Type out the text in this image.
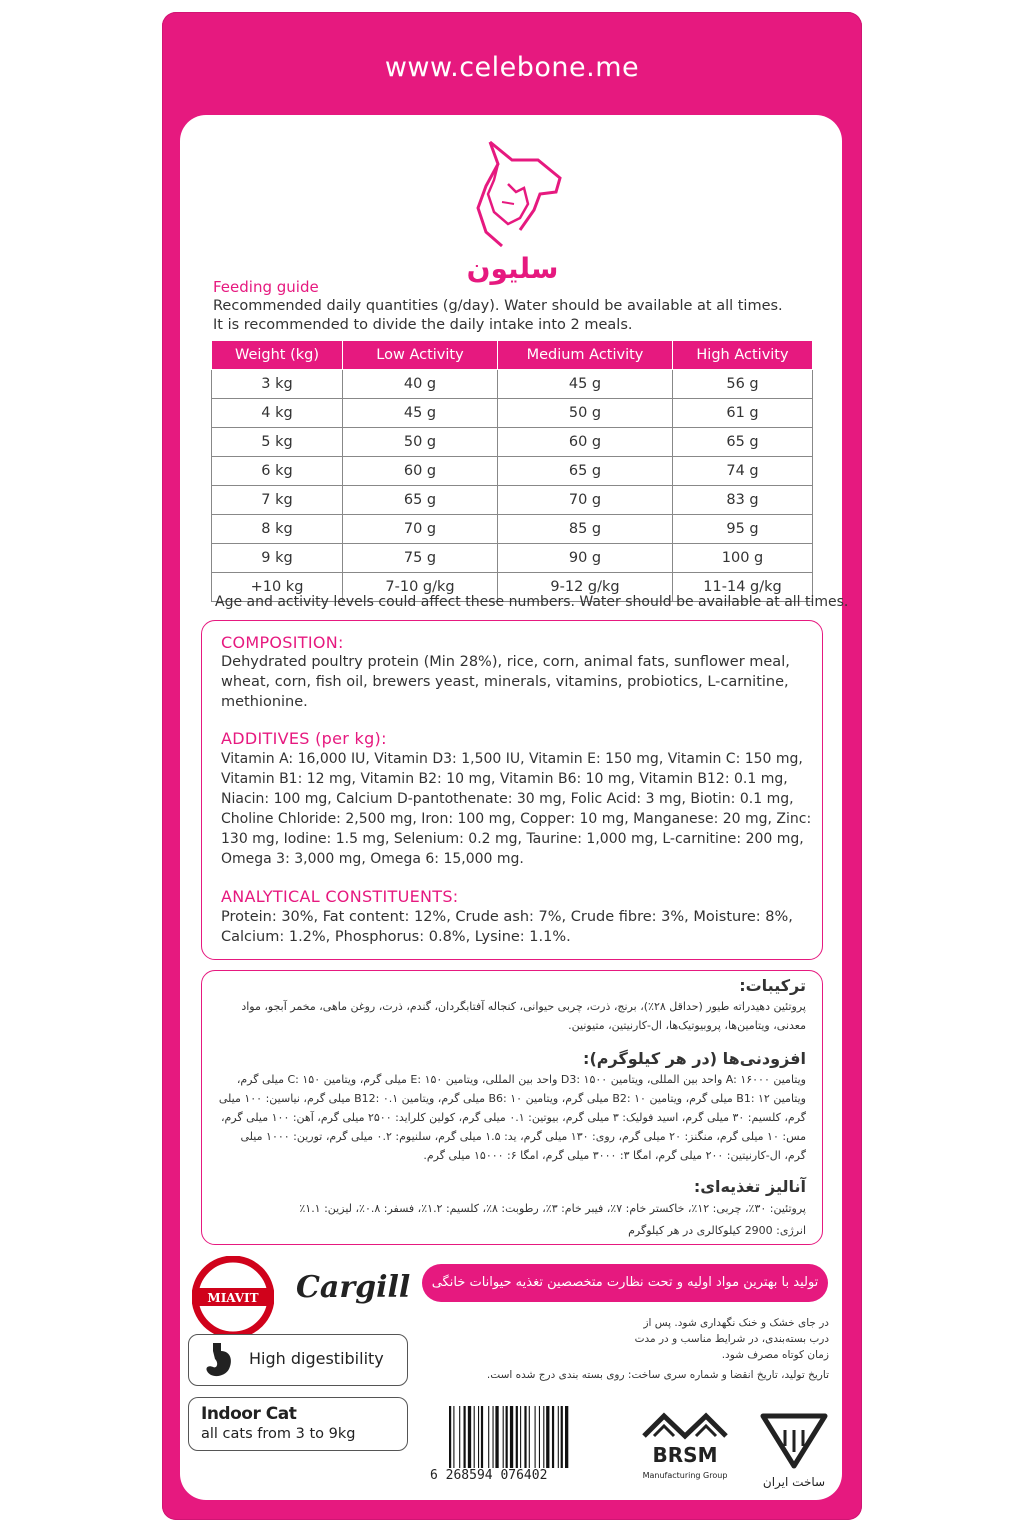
www.celebone.me
سلیون
Feeding guide
Recommended daily quantities (g/day). Water should be available at all times.
It is recommended to divide the daily intake into 2 meals.
Weight (kg)	Low Activity	Medium Activity	High Activity
3 kg	40 g	45 g	56 g
4 kg	45 g	50 g	61 g
5 kg	50 g	60 g	65 g
6 kg	60 g	65 g	74 g
7 kg	65 g	70 g	83 g
8 kg	70 g	85 g	95 g
9 kg	75 g	90 g	100 g
+10 kg	7-10 g/kg	9-12 g/kg	11-14 g/kg
Age and activity levels could affect these numbers. Water should be available at all times.
COMPOSITION:

Dehydrated poultry protein (Min 28%), rice, corn, animal fats, sunflower meal, wheat, corn, fish oil, brewers yeast, minerals, vitamins, probiotics, L-carnitine, methionine.

ADDITIVES (per kg):

Vitamin A: 16,000 IU, Vitamin D3: 1,500 IU, Vitamin E: 150 mg, Vitamin C: 150 mg, Vitamin B1: 12 mg, Vitamin B2: 10 mg, Vitamin B6: 10 mg, Vitamin B12: 0.1 mg, Niacin: 100 mg, Calcium D-pantothenate: 30 mg, Folic Acid: 3 mg, Biotin: 0.1 mg, Choline Chloride: 2,500 mg, Iron: 100 mg, Copper: 10 mg, Manganese: 20 mg, Zinc: 130 mg, Iodine: 1.5 mg, Selenium: 0.2 mg, Taurine: 1,000 mg, L-carnitine: 200 mg, Omega 3: 3,000 mg, Omega 6: 15,000 mg.

ANALYTICAL CONSTITUENTS:

Protein: 30%, Fat content: 12%, Crude ash: 7%, Crude fibre: 3%, Moisture: 8%, Calcium: 1.2%, Phosphorus: 0.8%, Lysine: 1.1%.

ترکیبات:

پروتئین دهیدراته طیور (حداقل ۲۸٪)، برنج، ذرت، چربی حیوانی، کنجاله آفتابگردان، گندم، ذرت، روغن ماهی، مخمر آبجو، مواد معدنی، ویتامین‌ها، پروبیوتیک‌ها، ال-کارنیتین، متیونین.

افزودنی‌ها (در هر کیلوگرم):

ویتامین A: ۱۶۰۰۰ واحد بین المللی، ویتامین D3: ۱۵۰۰ واحد بین المللی، ویتامین E: ۱۵۰ میلی گرم، ویتامین C: ۱۵۰ میلی گرم، ویتامین B1: ۱۲ میلی گرم، ویتامین B2: ۱۰ میلی گرم، ویتامین B6: ۱۰ میلی گرم، ویتامین B12: ۰.۱ میلی گرم، نیاسین: ۱۰۰ میلی گرم، کلسیم: ۳۰ میلی گرم، اسید فولیک: ۳ میلی گرم، بیوتین: ۰.۱ میلی گرم، کولین کلراید: ۲۵۰۰ میلی گرم، آهن: ۱۰۰ میلی گرم، مس: ۱۰ میلی گرم، منگنز: ۲۰ میلی گرم، روی: ۱۳۰ میلی گرم، ید: ۱.۵ میلی گرم، سلنیوم: ۰.۲ میلی گرم، تورین: ۱۰۰۰ میلی گرم، ال-کارنیتین: ۲۰۰ میلی گرم، امگا ۳: ۳۰۰۰ میلی گرم، امگا ۶: ۱۵۰۰۰ میلی گرم.

آنالیز تغذیه‌ای:

پروتئین: ۳۰٪، چربی: ۱۲٪، خاکستر خام: ۷٪، فیبر خام: ۳٪، رطوبت: ۸٪، کلسیم: ۱.۲٪، فسفر: ۰.۸٪، لیزین: ۱.۱٪

انرژی: 2900 کیلوکالری در هر کیلوگرم

MIAVIT Cargill	تولید با بهترین مواد اولیه و تحت نظارت متخصصین تغذیه حیوانات خانگی
در جای خشک و خنک نگهداری شود. پس از
درب بسته‌بندی، در شرایط مناسب و در مدت
زمان کوتاه مصرف شود.
تاریخ تولید، تاریخ انقضا و شماره سری ساخت: روی بسته بندی درج شده است.
High digestibility
Indoor Cat
all cats from 3 to 9kg
6 268594 076402
BRSM
Manufacturing Group	ساخت ایران
